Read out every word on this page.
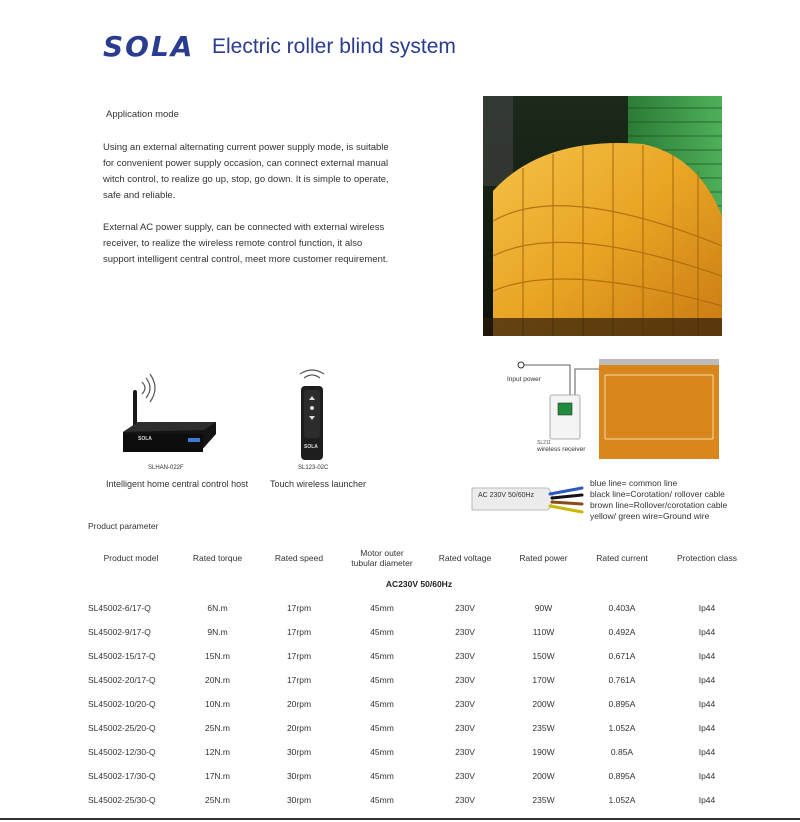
SOLA Electric roller blind system
Application mode
Using an external alternating current power supply mode, is suitable for convenient power supply occasion, can connect external manual witch control, to realize go up, stop, go down. It is simple to operate, safe and reliable.
External AC power supply, can be connected with external wireless receiver, to realize the wireless remote control function, it also support intelligent central control, meet more customer requirement.
SOLA
SLHAN-022F
Intelligent home central control host
SOLA
SL123-02C
Touch wireless launcher
Input power
SL211
wireless receiver
AC 230V 50/60Hz
blue line= common line
black line=Corotation/ rollover cable
brown line=Rollover/corotation cable
yellow/ green wire=Ground wire
Product parameter
Product model	Rated torque	Rated speed	Motor outer
tubular diameter	Rated voltage	Rated power	Rated current	Protection class
AC230V 50/60Hz							
SL45002-6/17-Q	6N.m	17rpm	45mm	230V	90W	0.403A	Ip44
SL45002-9/17-Q	9N.m	17rpm	45mm	230V	110W	0.492A	Ip44
SL45002-15/17-Q	15N.m	17rpm	45mm	230V	150W	0.671A	Ip44
SL45002-20/17-Q	20N.m	17rpm	45mm	230V	170W	0.761A	Ip44
SL45002-10/20-Q	10N.m	20rpm	45mm	230V	200W	0.895A	Ip44
SL45002-25/20-Q	25N.m	20rpm	45mm	230V	235W	1.052A	Ip44
SL45002-12/30-Q	12N.m	30rpm	45mm	230V	190W	0.85A	Ip44
SL45002-17/30-Q	17N.m	30rpm	45mm	230V	200W	0.895A	Ip44
SL45002-25/30-Q	25N.m	30rpm	45mm	230V	235W	1.052A	Ip44
